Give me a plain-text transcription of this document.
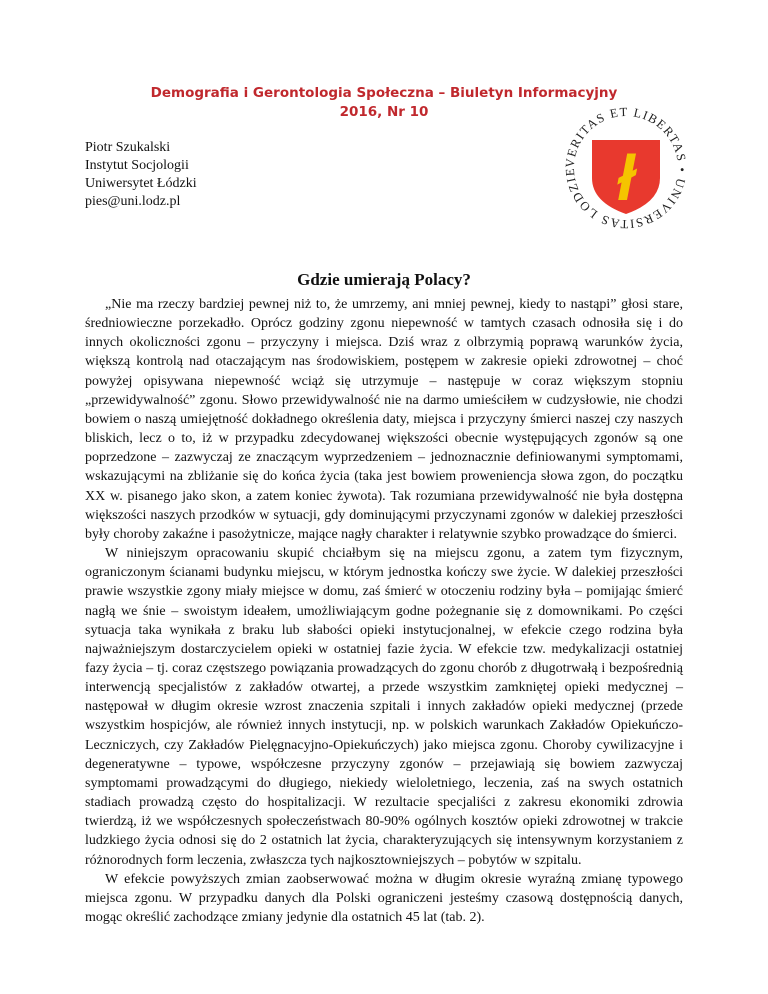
Demografia i Gerontologia Społeczna – Biuletyn Informacyjny
2016, Nr 10
Piotr Szukalski
Instytut Socjologii
Uniwersytet Łódzki
pies@uni.lodz.pl
VERITAS ET LIBERTAS • UNIVERSITAS LODZIE ł
Gdzie umierają Polacy?

„Nie ma rzeczy bardziej pewnej niż to, że umrzemy, ani mniej pewnej, kiedy to nastąpi” głosi stare, średniowieczne porzekadło. Oprócz godziny zgonu niepewność w tamtych czasach odnosiła się i do innych okoliczności zgonu – przyczyny i miejsca. Dziś wraz z olbrzymią poprawą warunków życia, większą kontrolą nad otaczającym nas środowiskiem, postępem w zakresie opieki zdrowotnej – choć powyżej opisywana niepewność wciąż się utrzymuje – następuje w coraz większym stopniu „przewidywalność” zgonu. Słowo przewidywalność nie na darmo umieściłem w cudzysłowie, nie chodzi bowiem o naszą umiejętność dokładnego określenia daty, miejsca i przyczyny śmierci naszej czy naszych bliskich, lecz o to, iż w przypadku zdecydowanej większości obecnie występujących zgonów są one poprzedzone – zazwyczaj ze znaczącym wyprzedzeniem – jednoznacznie definiowanymi symptomami, wskazującymi na zbliżanie się do końca życia (taka jest bowiem proweniencja słowa zgon, do początku XX w. pisanego jako skon, a zatem koniec żywota). Tak rozumiana przewidywalność nie była dostępna większości naszych przodków w sytuacji, gdy dominującymi przyczynami zgonów w dalekiej przeszłości były choroby zakaźne i pasożytnicze, mające nagły charakter i relatywnie szybko prowadzące do śmierci.

W niniejszym opracowaniu skupić chciałbym się na miejscu zgonu, a zatem tym fizycznym, ograniczonym ścianami budynku miejscu, w którym jednostka kończy swe życie. W dalekiej przeszłości prawie wszystkie zgony miały miejsce w domu, zaś śmierć w otoczeniu rodziny była – pomijając śmierć nagłą we śnie – swoistym ideałem, umożliwiającym godne pożegnanie się z domownikami. Po części sytuacja taka wynikała z braku lub słabości opieki instytucjonalnej, w efekcie czego rodzina była najważniejszym dostarczycielem opieki w ostatniej fazie życia. W efekcie tzw. medykalizacji ostatniej fazy życia – tj. coraz częstszego powiązania prowadzących do zgonu chorób z długotrwałą i bezpośrednią interwencją specjalistów z zakładów otwartej, a przede wszystkim zamkniętej opieki medycznej – następował w długim okresie wzrost znaczenia szpitali i innych zakładów opieki medycznej (przede wszystkim hospicjów, ale również innych instytucji, np. w polskich warunkach Zakładów Opiekuńczo-Leczniczych, czy Zakładów Pielęgnacyjno-Opiekuńczych) jako miejsca zgonu. Choroby cywilizacyjne i degeneratywne – typowe, współczesne przyczyny zgonów – przejawiają się bowiem zazwyczaj symptomami prowadzącymi do długiego, niekiedy wieloletniego, leczenia, zaś na swych ostatnich stadiach prowadzą często do hospitalizacji. W rezultacie specjaliści z zakresu ekonomiki zdrowia twierdzą, iż we współczesnych społeczeństwach 80-90% ogólnych kosztów opieki zdrowotnej w trakcie ludzkiego życia odnosi się do 2 ostatnich lat życia, charakteryzujących się intensywnym korzystaniem z różnorodnych form leczenia, zwłaszcza tych najkosztowniejszych – pobytów w szpitalu.

W efekcie powyższych zmian zaobserwować można w długim okresie wyraźną zmianę typowego miejsca zgonu. W przypadku danych dla Polski ograniczeni jesteśmy czasową dostępnością danych, mogąc określić zachodzące zmiany jedynie dla ostatnich 45 lat (tab. 2).
